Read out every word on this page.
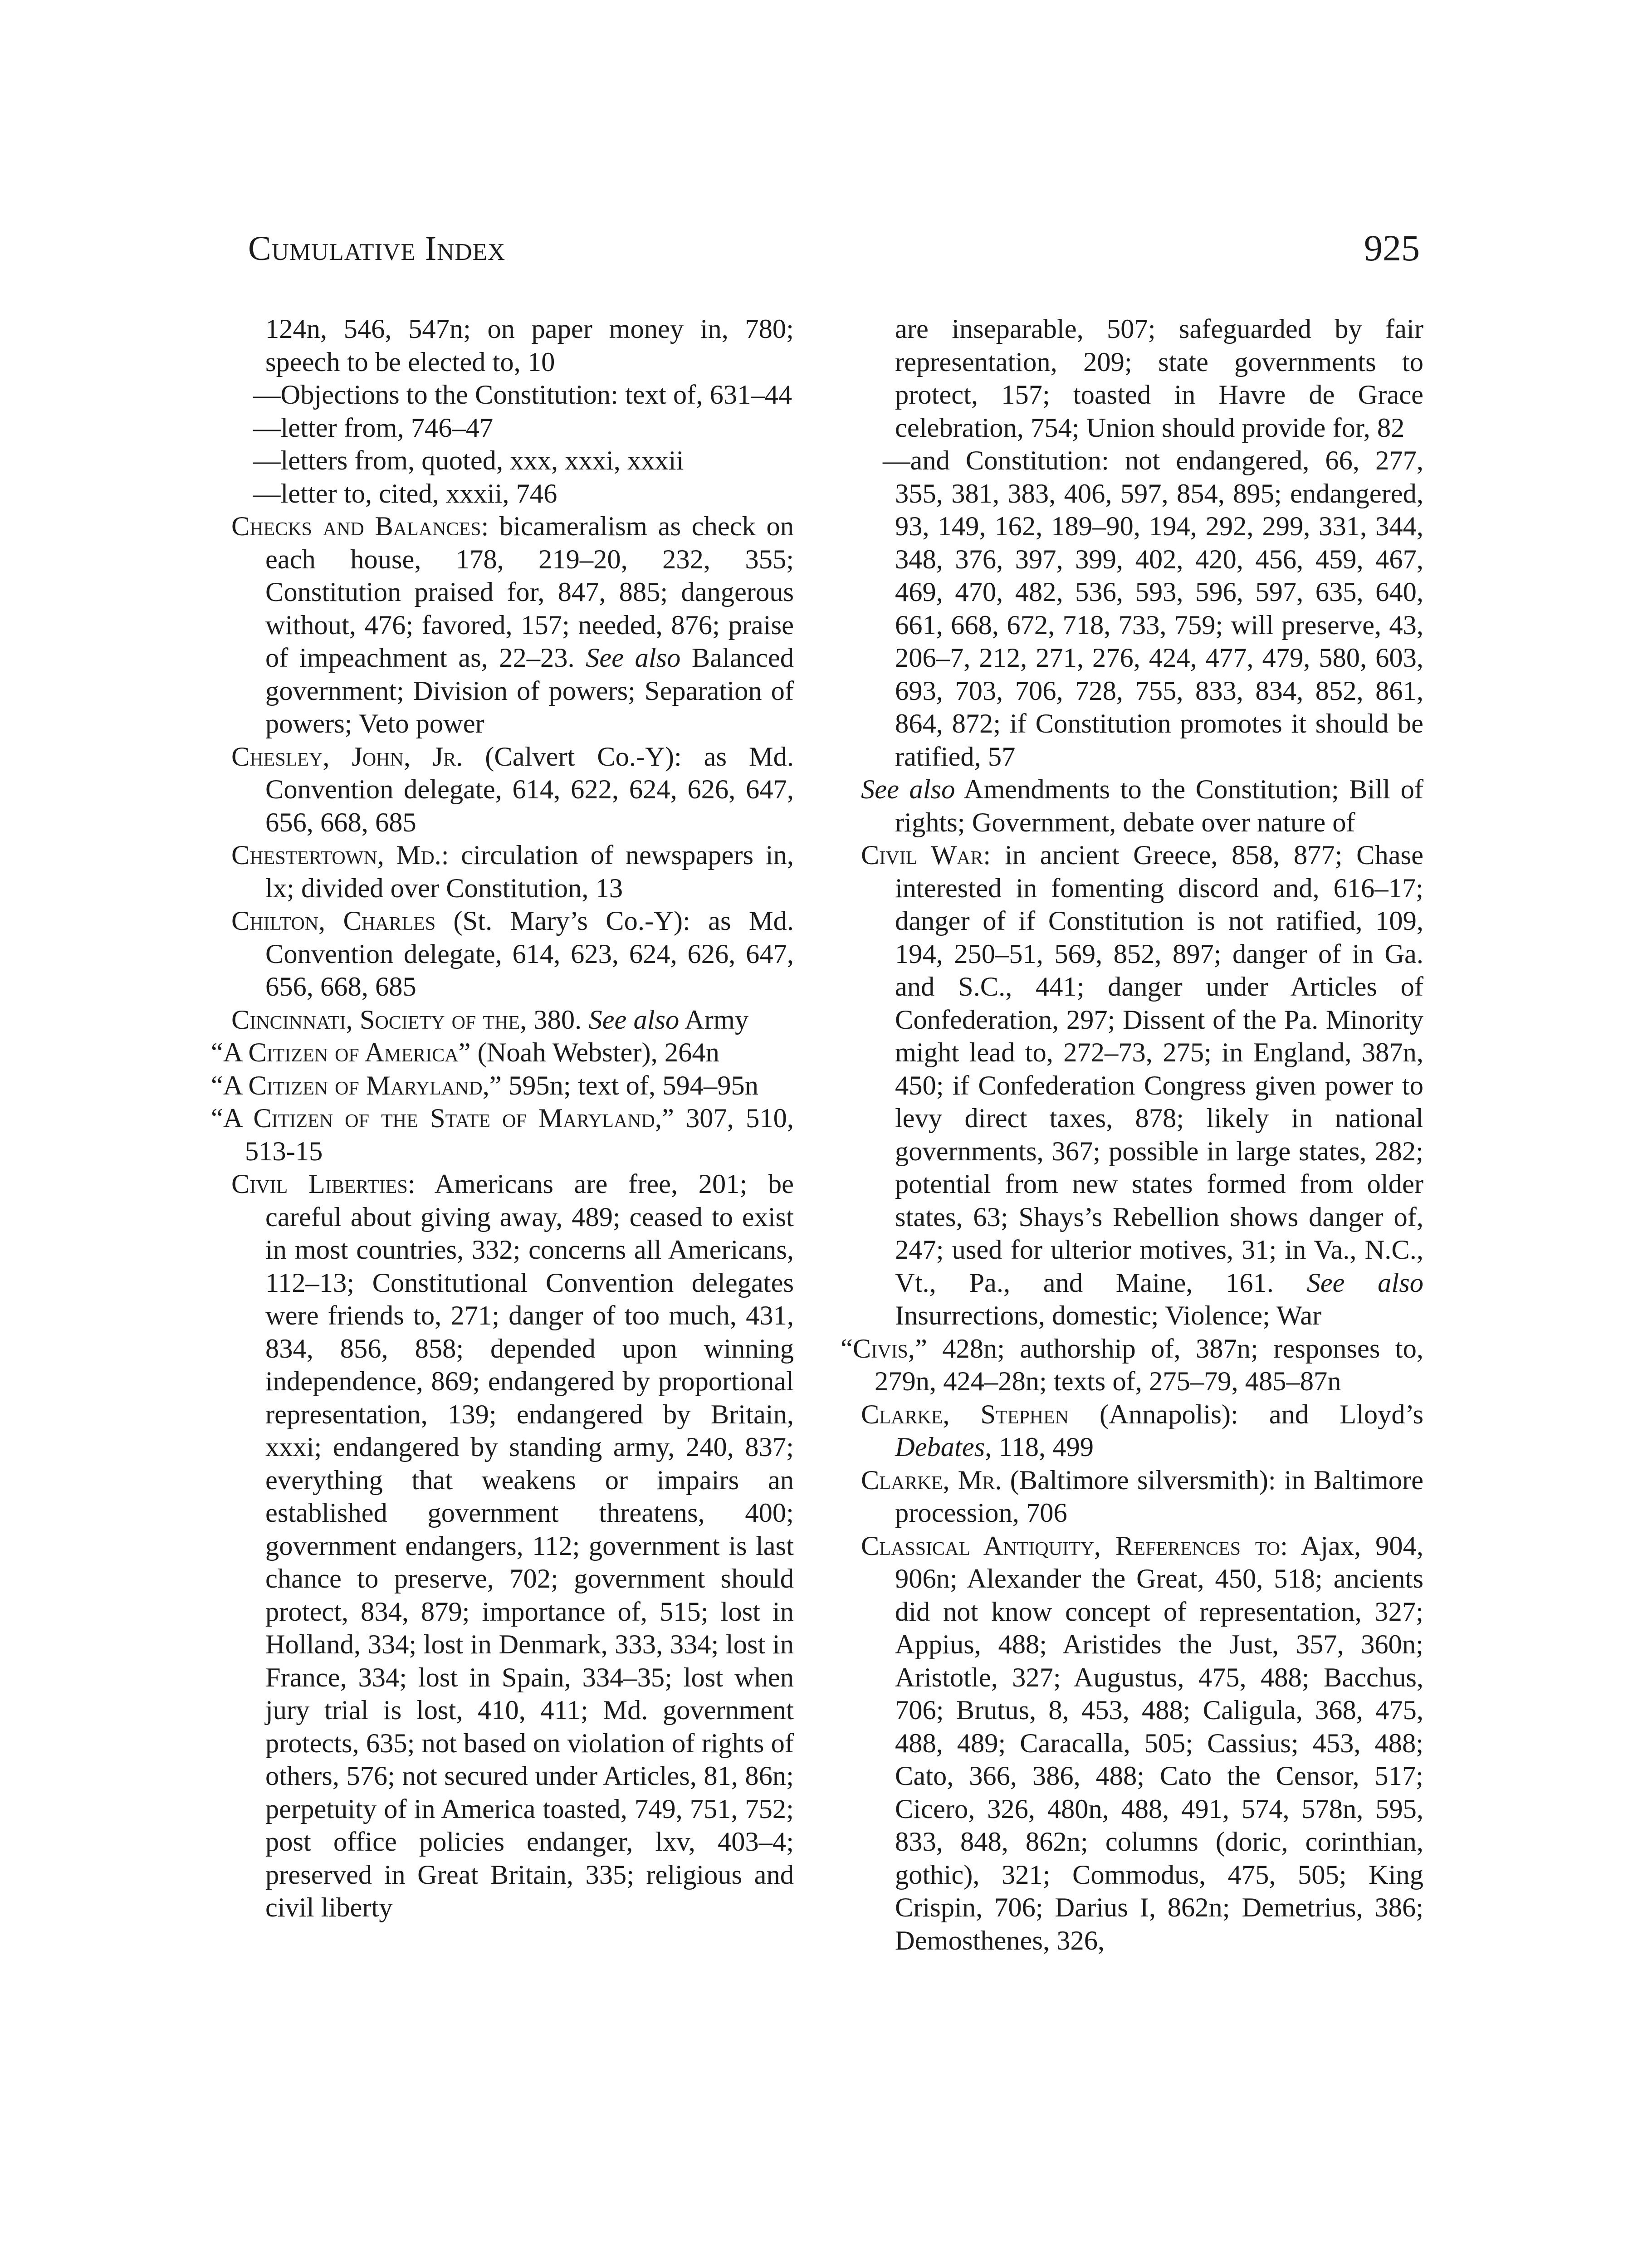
Cumulative Index	925

124n, 546, 547n; on paper money in, 780; speech to be elected to, 10

—Objections to the Constitution: text of, 631–44

—letter from, 746–47

—letters from, quoted, xxx, xxxi, xxxii

—letter to, cited, xxxii, 746

Checks and Balances: bicameralism as check on each house, 178, 219–20, 232, 355; Constitution praised for, 847, 885; dangerous without, 476; favored, 157; needed, 876; praise of impeachment as, 22–23. See also Balanced government; Division of powers; Separation of powers; Veto power

Chesley, John, Jr. (Calvert Co.-Y): as Md. Convention delegate, 614, 622, 624, 626, 647, 656, 668, 685

Chestertown, Md.: circulation of newspapers in, lx; divided over Constitution, 13

Chilton, Charles (St. Mary’s Co.-Y): as Md. Convention delegate, 614, 623, 624, 626, 647, 656, 668, 685

Cincinnati, Society of the, 380. See also Army

“A Citizen of America” (Noah Webster), 264n

“A Citizen of Maryland,” 595n; text of, 594–95n

“A Citizen of the State of Maryland,” 307, 510, 513-15

Civil Liberties: Americans are free, 201; be careful about giving away, 489; ceased to exist in most countries, 332; concerns all Americans, 112–13; Constitutional Convention delegates were friends to, 271; danger of too much, 431, 834, 856, 858; depended upon winning independence, 869; endangered by proportional representation, 139; endangered by Britain, xxxi; endangered by standing army, 240, 837; everything that weakens or impairs an established government threatens, 400; government endangers, 112; government is last chance to preserve, 702; government should protect, 834, 879; importance of, 515; lost in Holland, 334; lost in Denmark, 333, 334; lost in France, 334; lost in Spain, 334–35; lost when jury trial is lost, 410, 411; Md. government protects, 635; not based on violation of rights of others, 576; not secured under Articles, 81, 86n; perpetuity of in America toasted, 749, 751, 752; post office policies endanger, lxv, 403–4; preserved in Great Britain, 335; religious and civil liberty

are inseparable, 507; safeguarded by fair representation, 209; state governments to protect, 157; toasted in Havre de Grace celebration, 754; Union should provide for, 82

—and Constitution: not endangered, 66, 277, 355, 381, 383, 406, 597, 854, 895; endangered, 93, 149, 162, 189–90, 194, 292, 299, 331, 344, 348, 376, 397, 399, 402, 420, 456, 459, 467, 469, 470, 482, 536, 593, 596, 597, 635, 640, 661, 668, 672, 718, 733, 759; will preserve, 43, 206–7, 212, 271, 276, 424, 477, 479, 580, 603, 693, 703, 706, 728, 755, 833, 834, 852, 861, 864, 872; if Constitution promotes it should be ratified, 57

See also Amendments to the Constitution; Bill of rights; Government, debate over nature of

Civil War: in ancient Greece, 858, 877; Chase interested in fomenting discord and, 616–17; danger of if Constitution is not ratified, 109, 194, 250–51, 569, 852, 897; danger of in Ga. and S.C., 441; danger under Articles of Confederation, 297; Dissent of the Pa. Minority might lead to, 272–73, 275; in England, 387n, 450; if Confederation Congress given power to levy direct taxes, 878; likely in national governments, 367; possible in large states, 282; potential from new states formed from older states, 63; Shays’s Rebellion shows danger of, 247; used for ulterior motives, 31; in Va., N.C., Vt., Pa., and Maine, 161. See also Insurrections, domestic; Violence; War

“Civis,” 428n; authorship of, 387n; responses to, 279n, 424–28n; texts of, 275–79, 485–87n

Clarke, Stephen (Annapolis): and Lloyd’s Debates, 118, 499

Clarke, Mr. (Baltimore silversmith): in Baltimore procession, 706

Classical Antiquity, References to: Ajax, 904, 906n; Alexander the Great, 450, 518; ancients did not know concept of representation, 327; Appius, 488; Aristides the Just, 357, 360n; Aristotle, 327; Augustus, 475, 488; Bacchus, 706; Brutus, 8, 453, 488; Caligula, 368, 475, 488, 489; Caracalla, 505; Cassius; 453, 488; Cato, 366, 386, 488; Cato the Censor, 517; Cicero, 326, 480n, 488, 491, 574, 578n, 595, 833, 848, 862n; columns (doric, corinthian, gothic), 321; Commodus, 475, 505; King Crispin, 706; Darius I, 862n; Demetrius, 386; Demosthenes, 326,
